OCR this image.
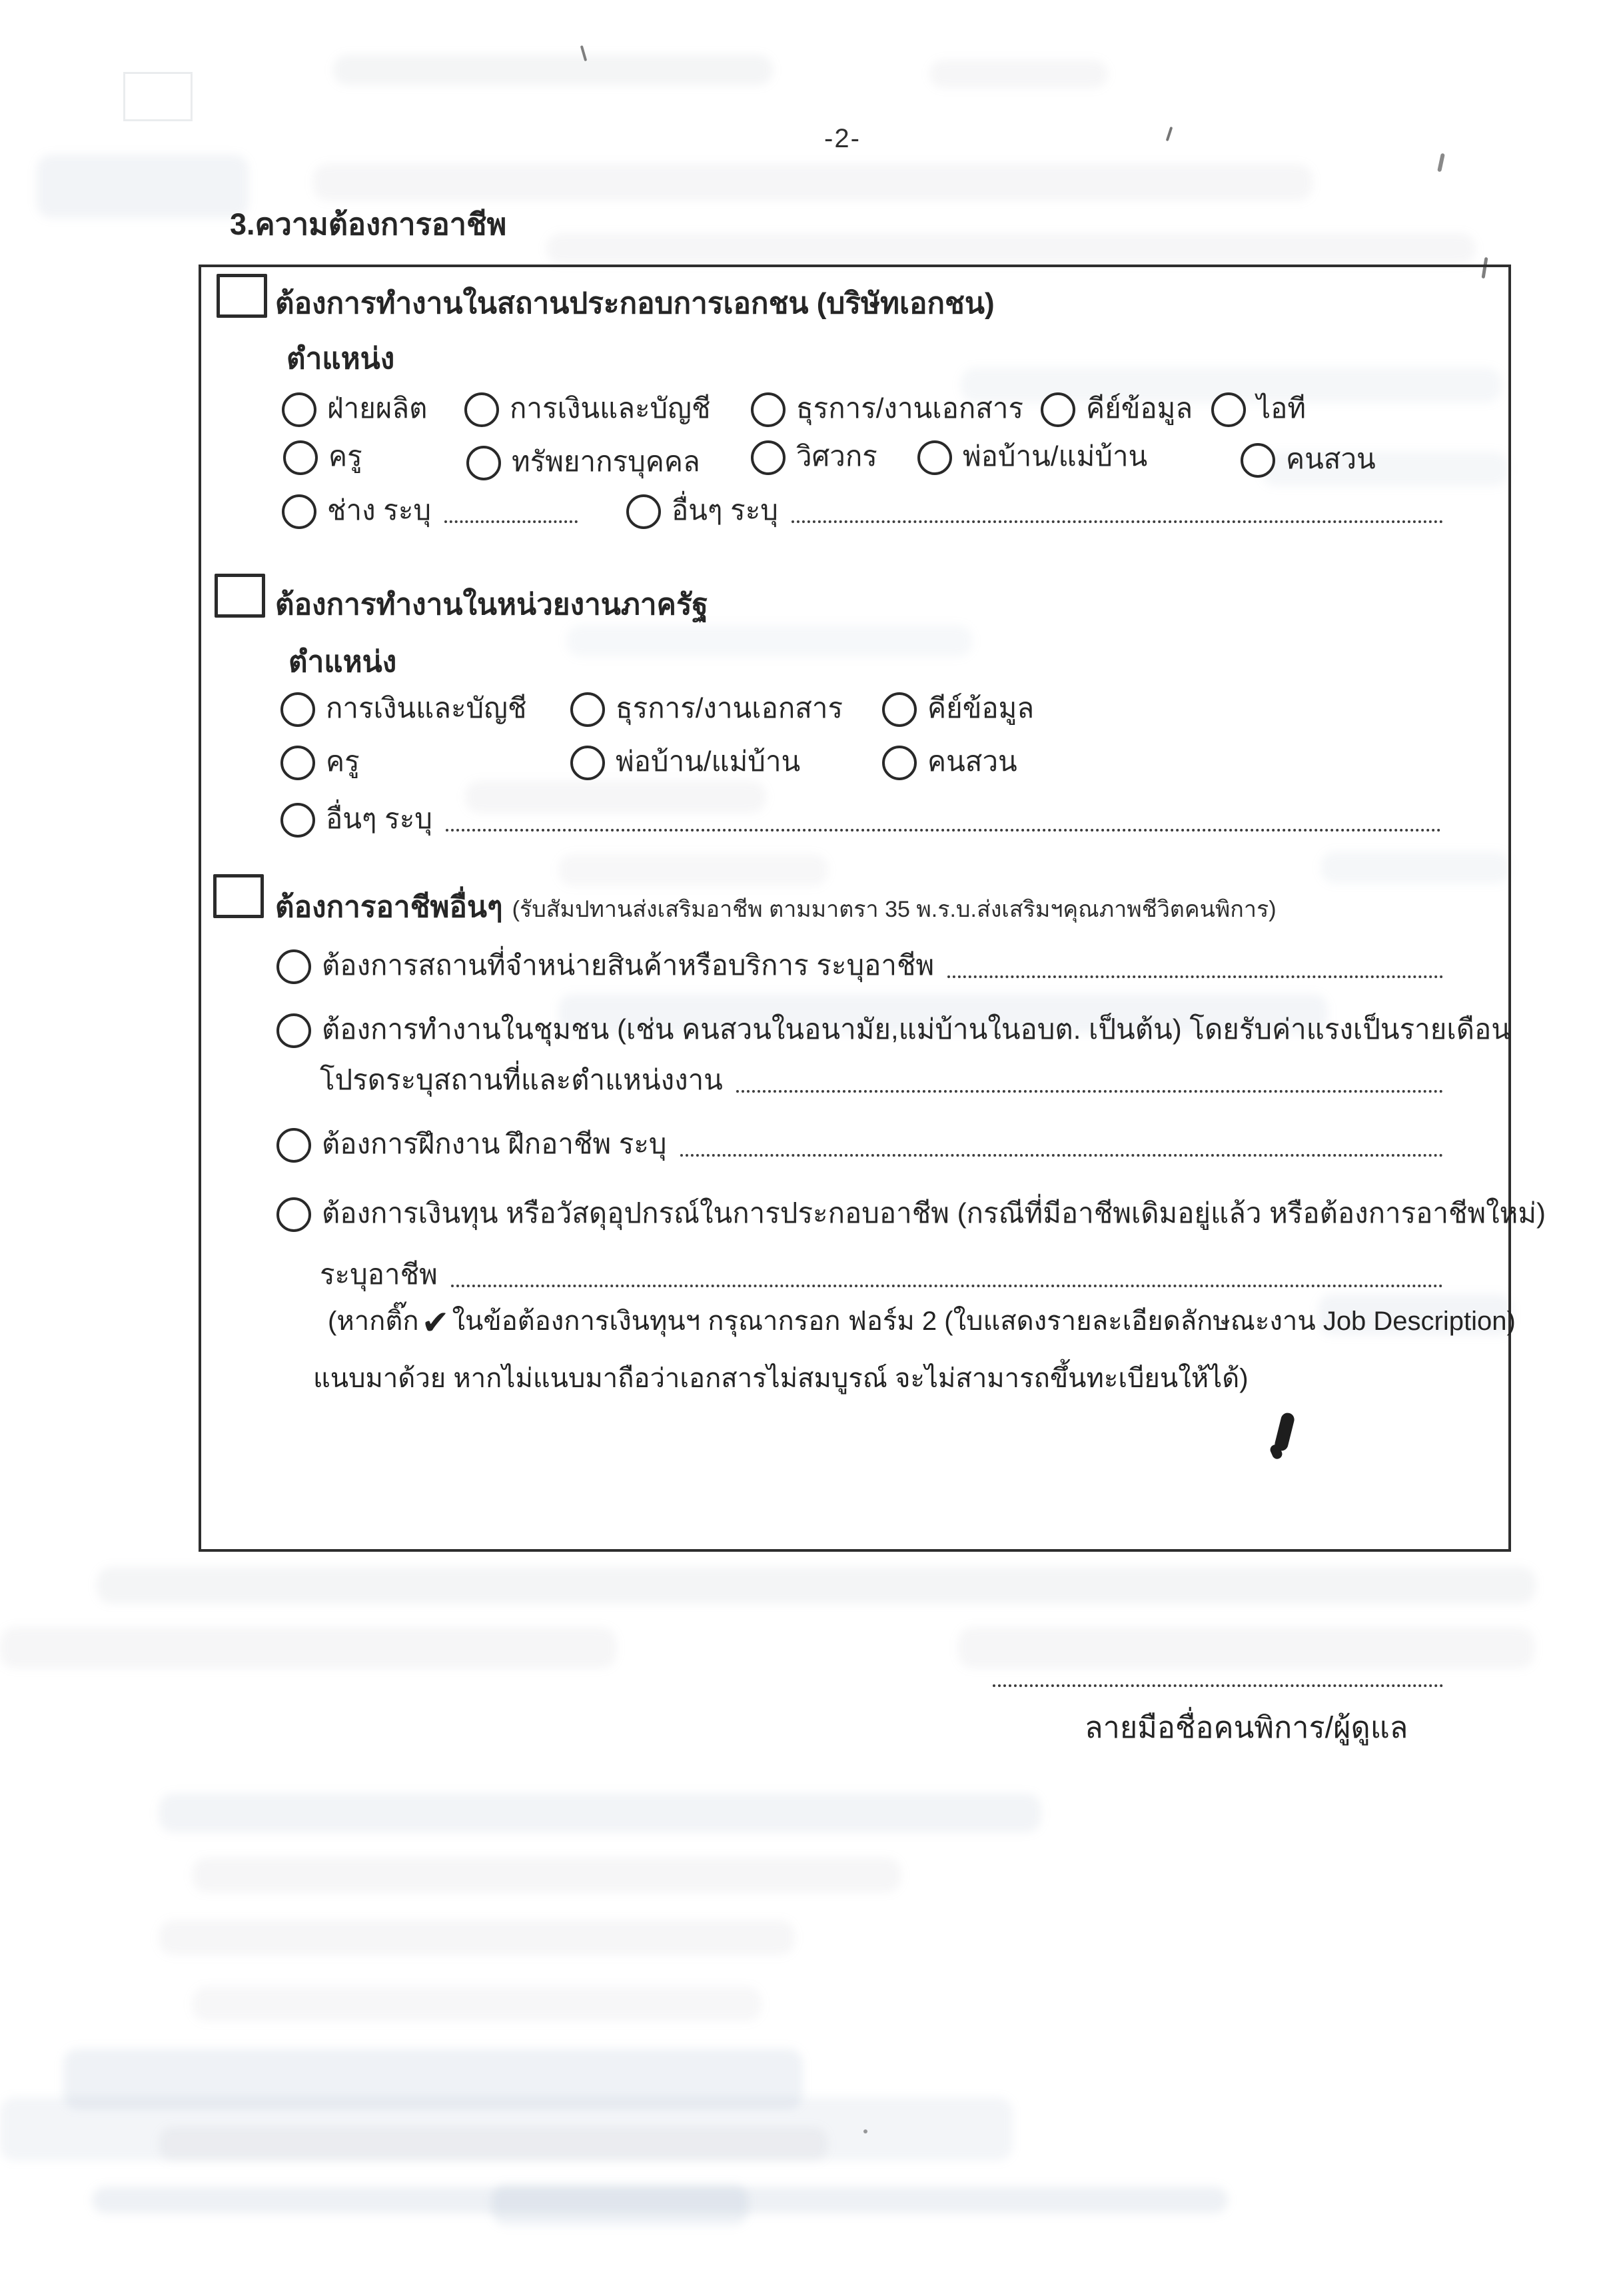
-2-
3.ความต้องการอาชีพ
ต้องการทำงานในสถานประกอบการเอกชน (บริษัทเอกชน)
ตำแหน่ง
ฝ่ายผลิต	การเงินและบัญชี	ธุรการ/งานเอกสาร คีย์ข้อมูล ไอที
ครู	ทรัพยากรบุคคล	วิศวกร	พ่อบ้าน/แม่บ้าน	คนสวน
ช่าง ระบุ	อื่นๆ ระบุ
ต้องการทำงานในหน่วยงานภาครัฐ
ตำแหน่ง
การเงินและบัญชี	ธุรการ/งานเอกสาร	คีย์ข้อมูล
ครู	พ่อบ้าน/แม่บ้าน	คนสวน
อื่นๆ ระบุ
ต้องการอาชีพอื่นๆ (รับสัมปทานส่งเสริมอาชีพ ตามมาตรา 35 พ.ร.บ.ส่งเสริมฯคุณภาพชีวิตคนพิการ)
ต้องการสถานที่จำหน่ายสินค้าหรือบริการ ระบุอาชีพ
ต้องการทำงานในชุมชน (เช่น คนสวนในอนามัย,แม่บ้านในอบต. เป็นต้น) โดยรับค่าแรงเป็นรายเดือน
โปรดระบุสถานที่และตำแหน่งงาน
ต้องการฝึกงาน ฝึกอาชีพ ระบุ
ต้องการเงินทุน หรือวัสดุอุปกรณ์ในการประกอบอาชีพ (กรณีที่มีอาชีพเดิมอยู่แล้ว หรือต้องการอาชีพใหม่)
ระบุอาชีพ
(หากติ๊ก✔ ในข้อต้องการเงินทุนฯ กรุณากรอก ฟอร์ม 2 (ใบแสดงรายละเอียดลักษณะงาน Job Description)
แนบมาด้วย หากไม่แนบมาถือว่าเอกสารไม่สมบูรณ์ จะไม่สามารถขึ้นทะเบียนให้ได้)
ลายมือชื่อคนพิการ/ผู้ดูแล
